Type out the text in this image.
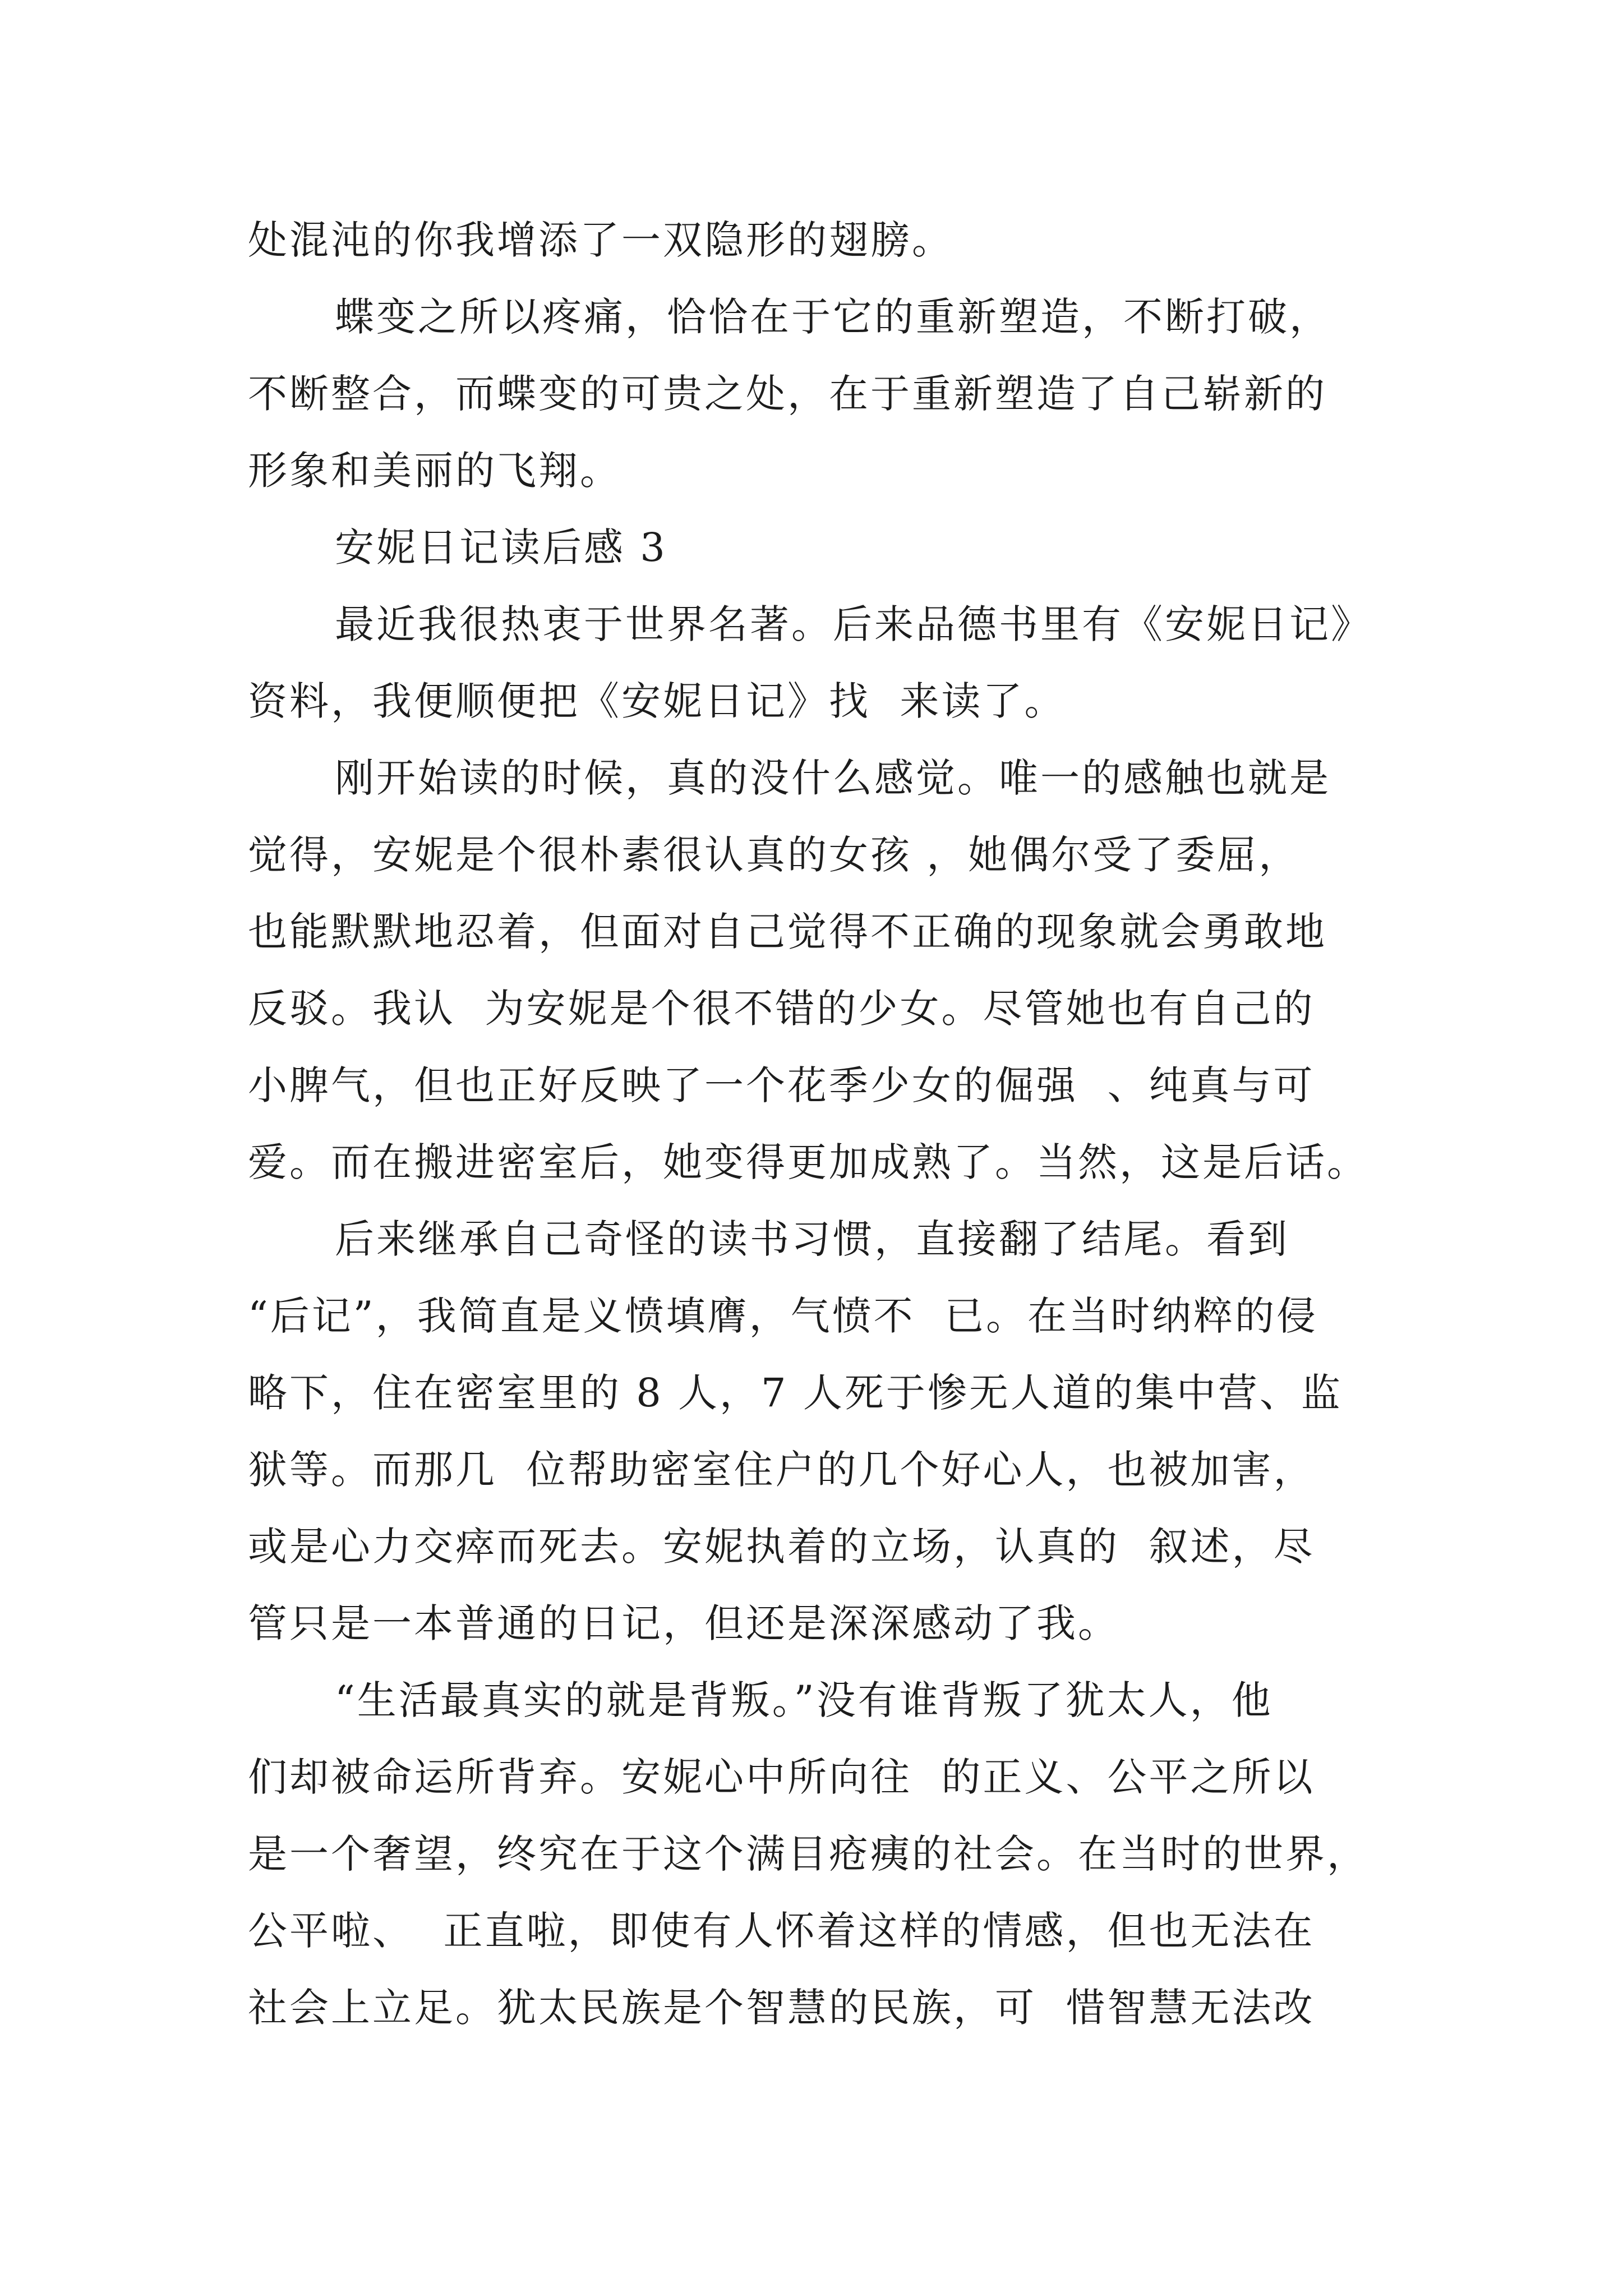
处混沌的你我增添了一双隐形的翅膀。
蝶变之所以疼痛，恰恰在于它的重新塑造，不断打破，
不断整合，而蝶变的可贵之处，在于重新塑造了自己崭新的
形象和美丽的飞翔。
安妮日记读后感 3
最近我很热衷于世界名著。后来品德书里有《安妮日记》
资料，我便顺便把《安妮日记》找  来读了。
刚开始读的时候，真的没什么感觉。唯一的感触也就是
觉得，安妮是个很朴素很认真的女孩 ，她偶尔受了委屈，
也能默默地忍着，但面对自己觉得不正确的现象就会勇敢地
反驳。我认  为安妮是个很不错的少女。尽管她也有自己的
小脾气，但也正好反映了一个花季少女的倔强  、纯真与可
爱。而在搬进密室后，她变得更加成熟了。当然，这是后话。
后来继承自己奇怪的读书习惯，直接翻了结尾。看到
“后记”，我简直是义愤填膺，气愤不  已。在当时纳粹的侵
略下，住在密室里的 8 人，7 人死于惨无人道的集中营、监
狱等。而那几  位帮助密室住户的几个好心人，也被加害，
或是心力交瘁而死去。安妮执着的立场，认真的  叙述，尽
管只是一本普通的日记，但还是深深感动了我。
“生活最真实的就是背叛。”没有谁背叛了犹太人，他
们却被命运所背弃。安妮心中所向往  的正义、公平之所以
是一个奢望，终究在于这个满目疮痍的社会。在当时的世界，
公平啦、  正直啦，即使有人怀着这样的情感，但也无法在
社会上立足。犹太民族是个智慧的民族，可  惜智慧无法改
